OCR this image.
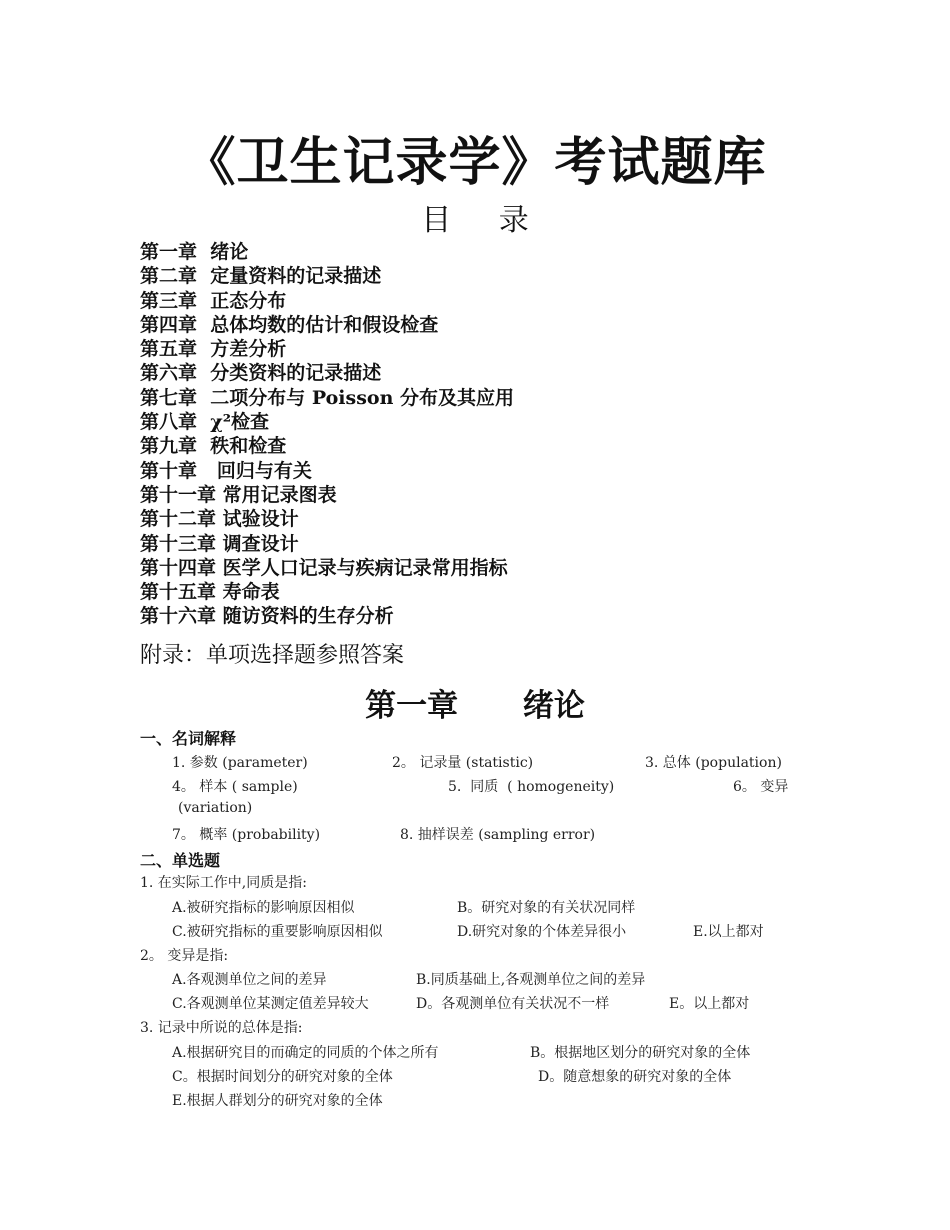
《卫生记录学》考试题库
目 录
第一章  绪论
第二章  定量资料的记录描述
第三章  正态分布
第四章  总体均数的估计和假设检查
第五章  方差分析
第六章  分类资料的记录描述
第七章  二项分布与 Poisson 分布及其应用
第八章  χ²检查
第九章  秩和检查
第十章   回归与有关
第十一章 常用记录图表
第十二章 试验设计
第十三章 调查设计
第十四章 医学人口记录与疾病记录常用指标
第十五章 寿命表
第十六章 随访资料的生存分析
附录：单项选择题参照答案
第一章      绪论
一、名词解释
1. 参数 (parameter)	2。 记录量 (statistic)	3. 总体 (population)
4。 样本 ( sample)	5.  同质  ( homogeneity)	6。 变异
(variation)
7。 概率 (probability)	8. 抽样误差 (sampling error)
二、单选题
1. 在实际工作中,同质是指:
A.被研究指标的影响原因相似	B。研究对象的有关状况同样
C.被研究指标的重要影响原因相似	D.研究对象的个体差异很小	E.以上都对
2。 变异是指:
A.各观测单位之间的差异	B.同质基础上,各观测单位之间的差异
C.各观测单位某测定值差异较大	D。各观测单位有关状况不一样	E。以上都对
3. 记录中所说的总体是指:
A.根据研究目的而确定的同质的个体之所有	B。根据地区划分的研究对象的全体
C。根据时间划分的研究对象的全体	D。随意想象的研究对象的全体
E.根据人群划分的研究对象的全体
